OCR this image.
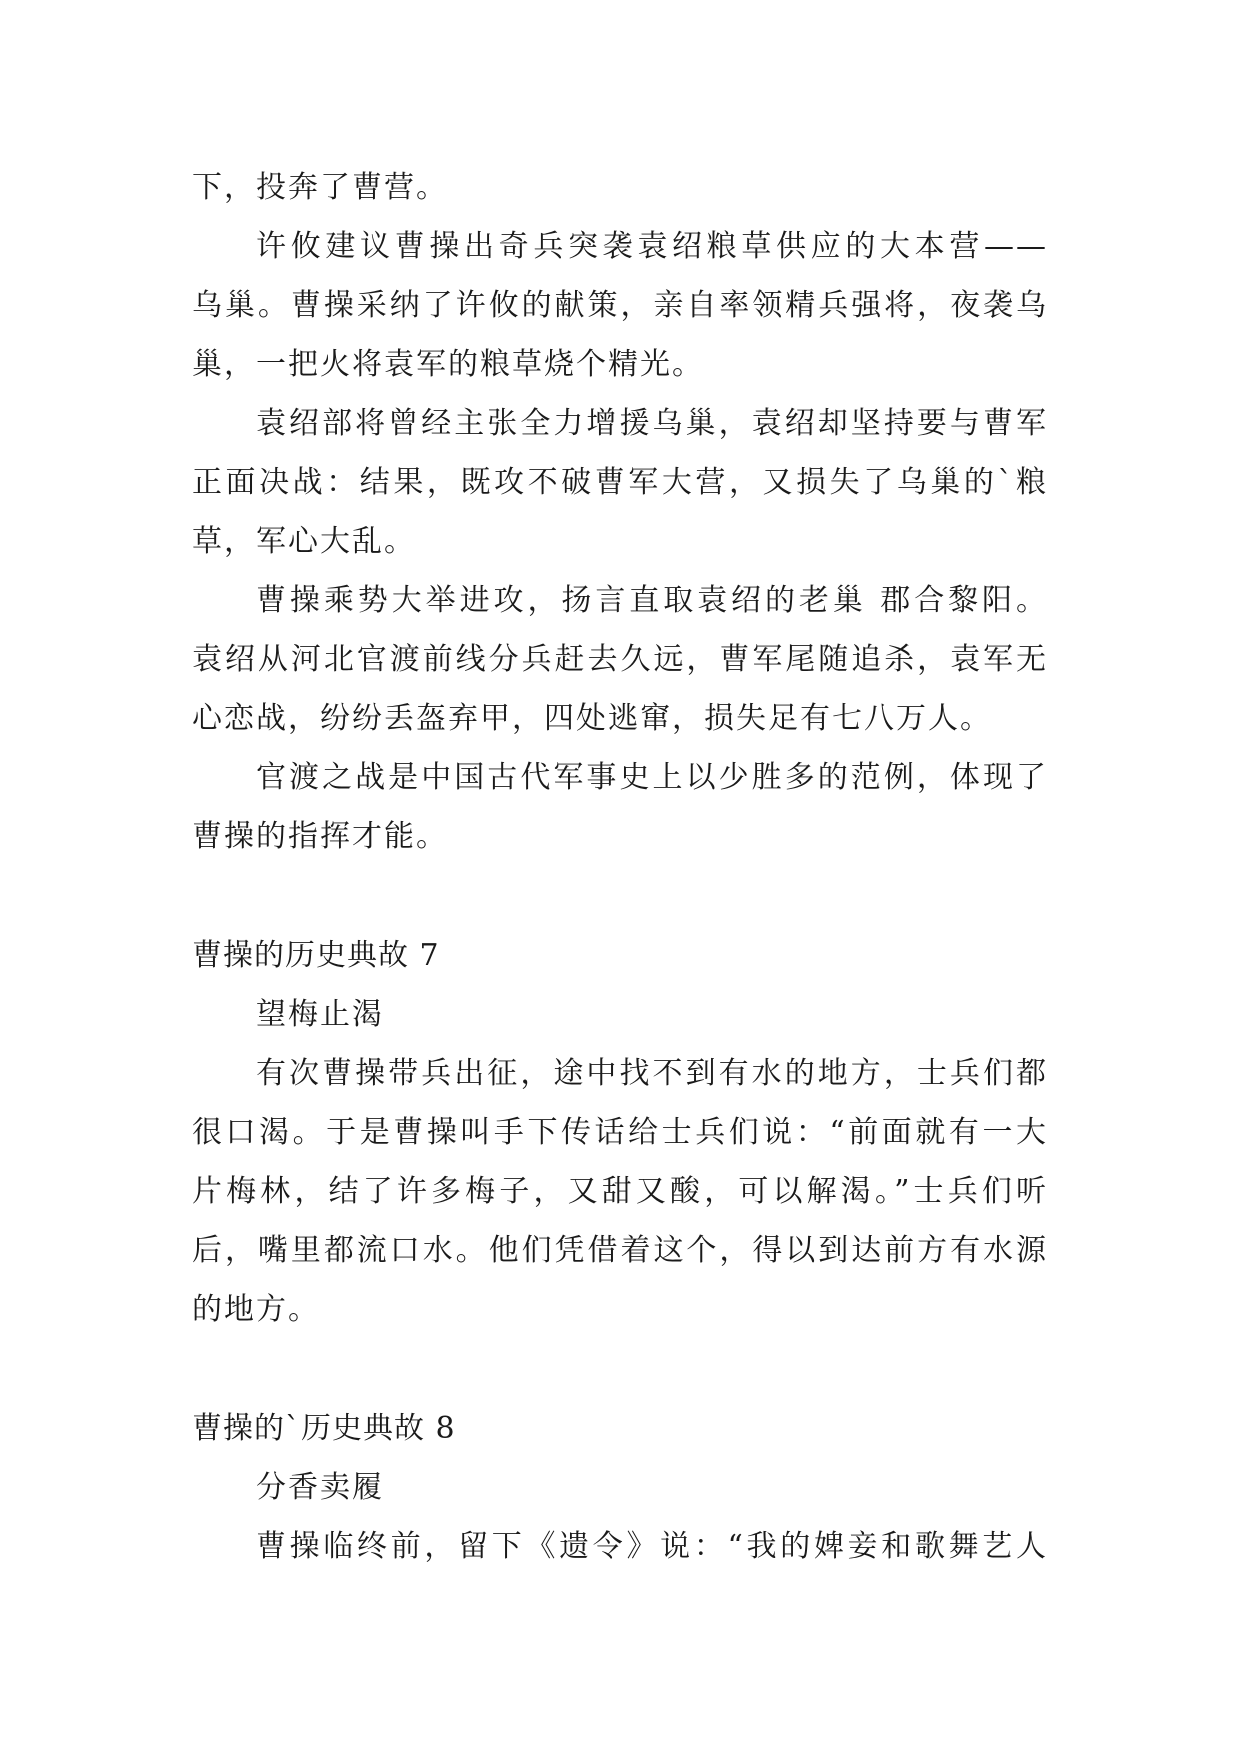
下，投奔了曹营。
许攸建议曹操出奇兵突袭袁绍粮草供应的大本营——
乌巢。曹操采纳了许攸的献策，亲自率领精兵强将，夜袭乌
巢，一把火将袁军的粮草烧个精光。
袁绍部将曾经主张全力增援乌巢，袁绍却坚持要与曹军
正面决战：结果，既攻不破曹军大营，又损失了乌巢的`粮
草，军心大乱。
曹操乘势大举进攻，扬言直取袁绍的老巢 郡合黎阳。
袁绍从河北官渡前线分兵赶去久远，曹军尾随追杀，袁军无
心恋战，纷纷丢盔弃甲，四处逃窜，损失足有七八万人。
官渡之战是中国古代军事史上以少胜多的范例，体现了
曹操的指挥才能。
曹操的历史典故 7
望梅止渴
有次曹操带兵出征，途中找不到有水的地方，士兵们都
很口渴。于是曹操叫手下传话给士兵们说：“前面就有一大
片梅林，结了许多梅子，又甜又酸，可以解渴。”士兵们听
后，嘴里都流口水。他们凭借着这个，得以到达前方有水源
的地方。
曹操的`历史典故 8
分香卖履
曹操临终前，留下《遗令》说：“我的婢妾和歌舞艺人
